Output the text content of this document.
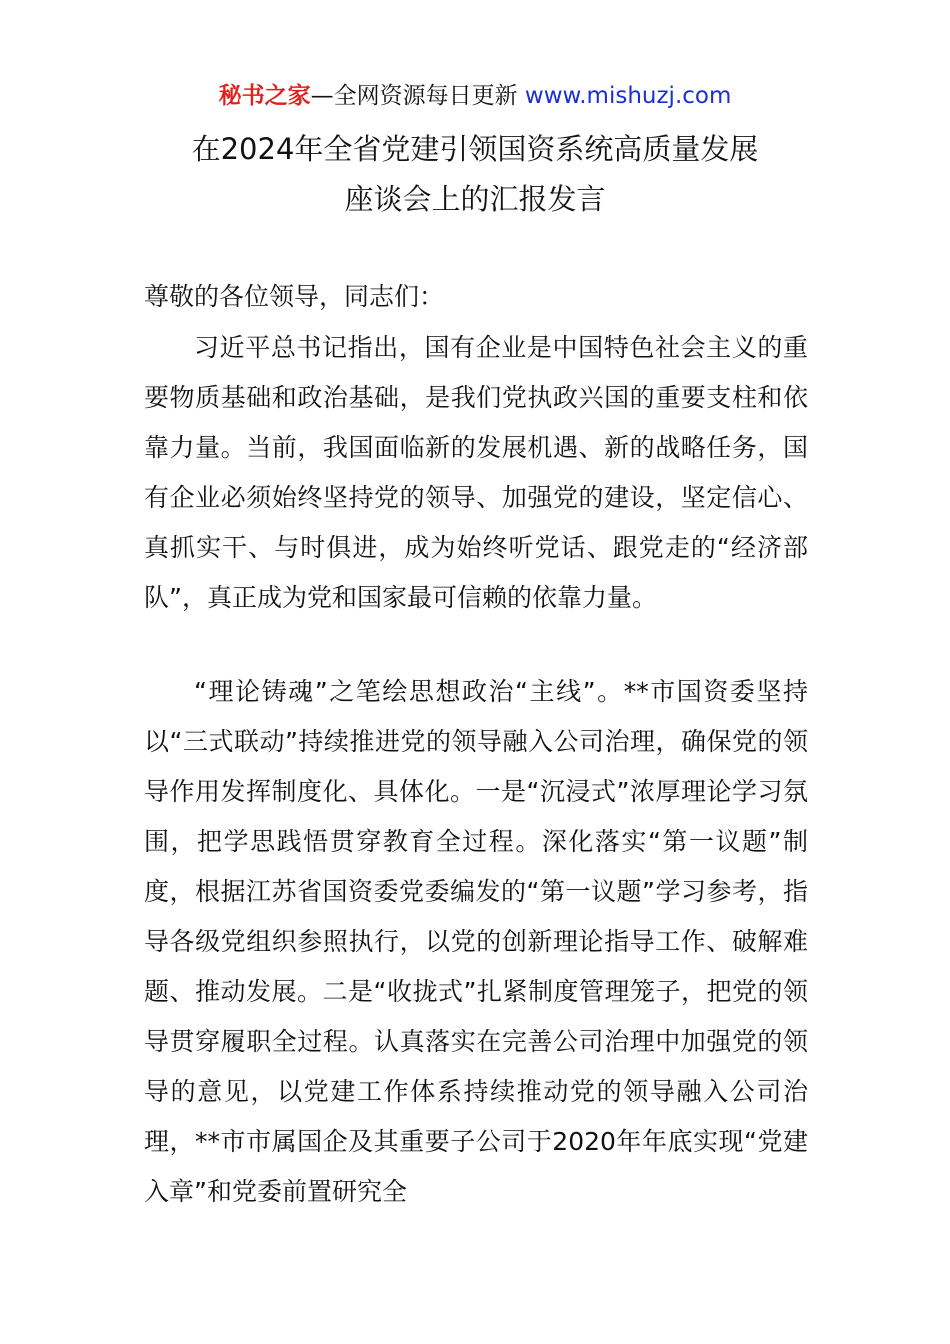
秘书之家—全网资源每日更新 www.mishuzj.com
在2024年全省党建引领国资系统高质量发展
座谈会上的汇报发言
尊敬的各位领导，同志们：

习近平总书记指出，国有企业是中国特色社会主义的重要物质基础和政治基础，是我们党执政兴国的重要支柱和依靠力量。当前，我国面临新的发展机遇、新的战略任务，国有企业必须始终坚持党的领导、加强党的建设，坚定信心、真抓实干、与时俱进，成为始终听党话、跟党走的“经济部队”，真正成为党和国家最可信赖的依靠力量。

“理论铸魂”之笔绘思想政治“主线”。**市国资委坚持以“三式联动”持续推进党的领导融入公司治理，确保党的领导作用发挥制度化、具体化。一是“沉浸式”浓厚理论学习氛围，把学思践悟贯穿教育全过程。深化落实“第一议题”制度，根据江苏省国资委党委编发的“第一议题”学习参考，指导各级党组织参照执行，以党的创新理论指导工作、破解难题、推动发展。二是“收拢式”扎紧制度管理笼子，把党的领导贯穿履职全过程。认真落实在完善公司治理中加强党的领导的意见，以党建工作体系持续推动党的领导融入公司治理，**市市属国企及其重要子公司于2020年年底实现“党建入章”和党委前置研究全
